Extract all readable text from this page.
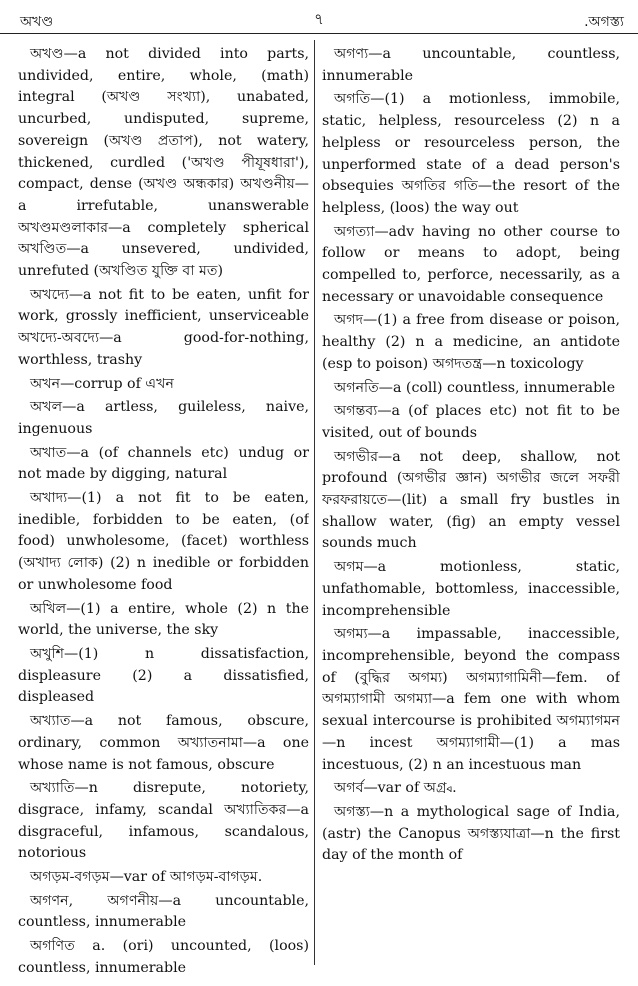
অখণ্ড	৭	.অগস্ত্য

অখণ্ড—a not divided into parts, undivided, entire, whole, (math) integral (অখণ্ড সংখ্যা), unabated, uncurbed, undisputed, supreme, sovereign (অখণ্ড প্রতাপ), not watery, thickened, curdled ('অখণ্ড পীযূষধারা'), compact, dense (অখণ্ড অন্ধকার) অখণ্ডনীয়—a irrefutable, unanswerable অখণ্ডমণ্ডলাকার—a completely spherical অখণ্ডিত—a unsevered, undivided, unrefuted (অখণ্ডিত যুক্তি বা মত)

অখদ্যে—a not fit to be eaten, unfit for work, grossly inefficient, unserviceable অখদ্যে-অবদ্যে—a good-for-nothing, worthless, trashy

অখন—corrup of এখন

অখল—a artless, guileless, naive, ingenuous

অখাত—a (of channels etc) undug or not made by digging, natural

অখাদ্য—(1) a not fit to be eaten, inedible, forbidden to be eaten, (of food) unwholesome, (facet) worthless (অখাদ্য লোক) (2) n inedible or forbidden or unwholesome food

অখিল—(1) a entire, whole (2) n the world, the universe, the sky

অখুশি—(1) n dissatisfaction, displeasure (2) a dissatisfied, displeased

অখ্যাত—a not famous, obscure, ordinary, common অখ্যাতনামা—a one whose name is not famous, obscure

অখ্যাতি—n disrepute, notoriety, disgrace, infamy, scandal অখ্যাতিকর—a disgraceful, infamous, scandalous, notorious

অগড়ম-বগড়ম—var of আগড়ম-বাগড়ম.

অগণন, অগণনীয়—a uncountable, countless, innumerable

অগণিত a. (ori) uncounted, (loos) countless, innumerable

অগণ্য—a uncountable, countless, innumerable

অগতি—(1) a motionless, immobile, static, helpless, resourceless (2) n a helpless or resourceless person, the unperformed state of a dead person's obsequies অগতির গতি—the resort of the helpless, (loos) the way out

অগত্যা—adv having no other course to follow or means to adopt, being compelled to, perforce, necessarily, as a necessary or unavoidable consequence

অগদ—(1) a free from disease or poison, healthy (2) n a medicine, an antidote (esp to poison) অগদতন্ত্র—n toxicology

অগনতি—a (coll) countless, innumerable

অগন্তব্য—a (of places etc) not fit to be visited, out of bounds

অগভীর—a not deep, shallow, not profound (অগভীর জ্ঞান) অগভীর জলে সফরী ফরফরায়তে—(lit) a small fry bustles in shallow water, (fig) an empty vessel sounds much

অগম—a motionless, static, unfathomable, bottomless, inaccessible, incomprehensible

অগম্য—a impassable, inaccessible, incomprehensible, beyond the compass of (বুদ্ধির অগম্য) অগম্যাগামিনী—fem. of অগম্যাগামী অগম্যা—a fem one with whom sexual intercourse is prohibited অগম্যাগমন—n incest অগম্যাগামী—(1) a mas incestuous, (2) n an incestuous man

অগর্ব—var of অগ্র্ব.

অগস্ত্য—n a mythological sage of India, (astr) the Canopus অগস্ত্যযাত্রা—n the first day of the month of
